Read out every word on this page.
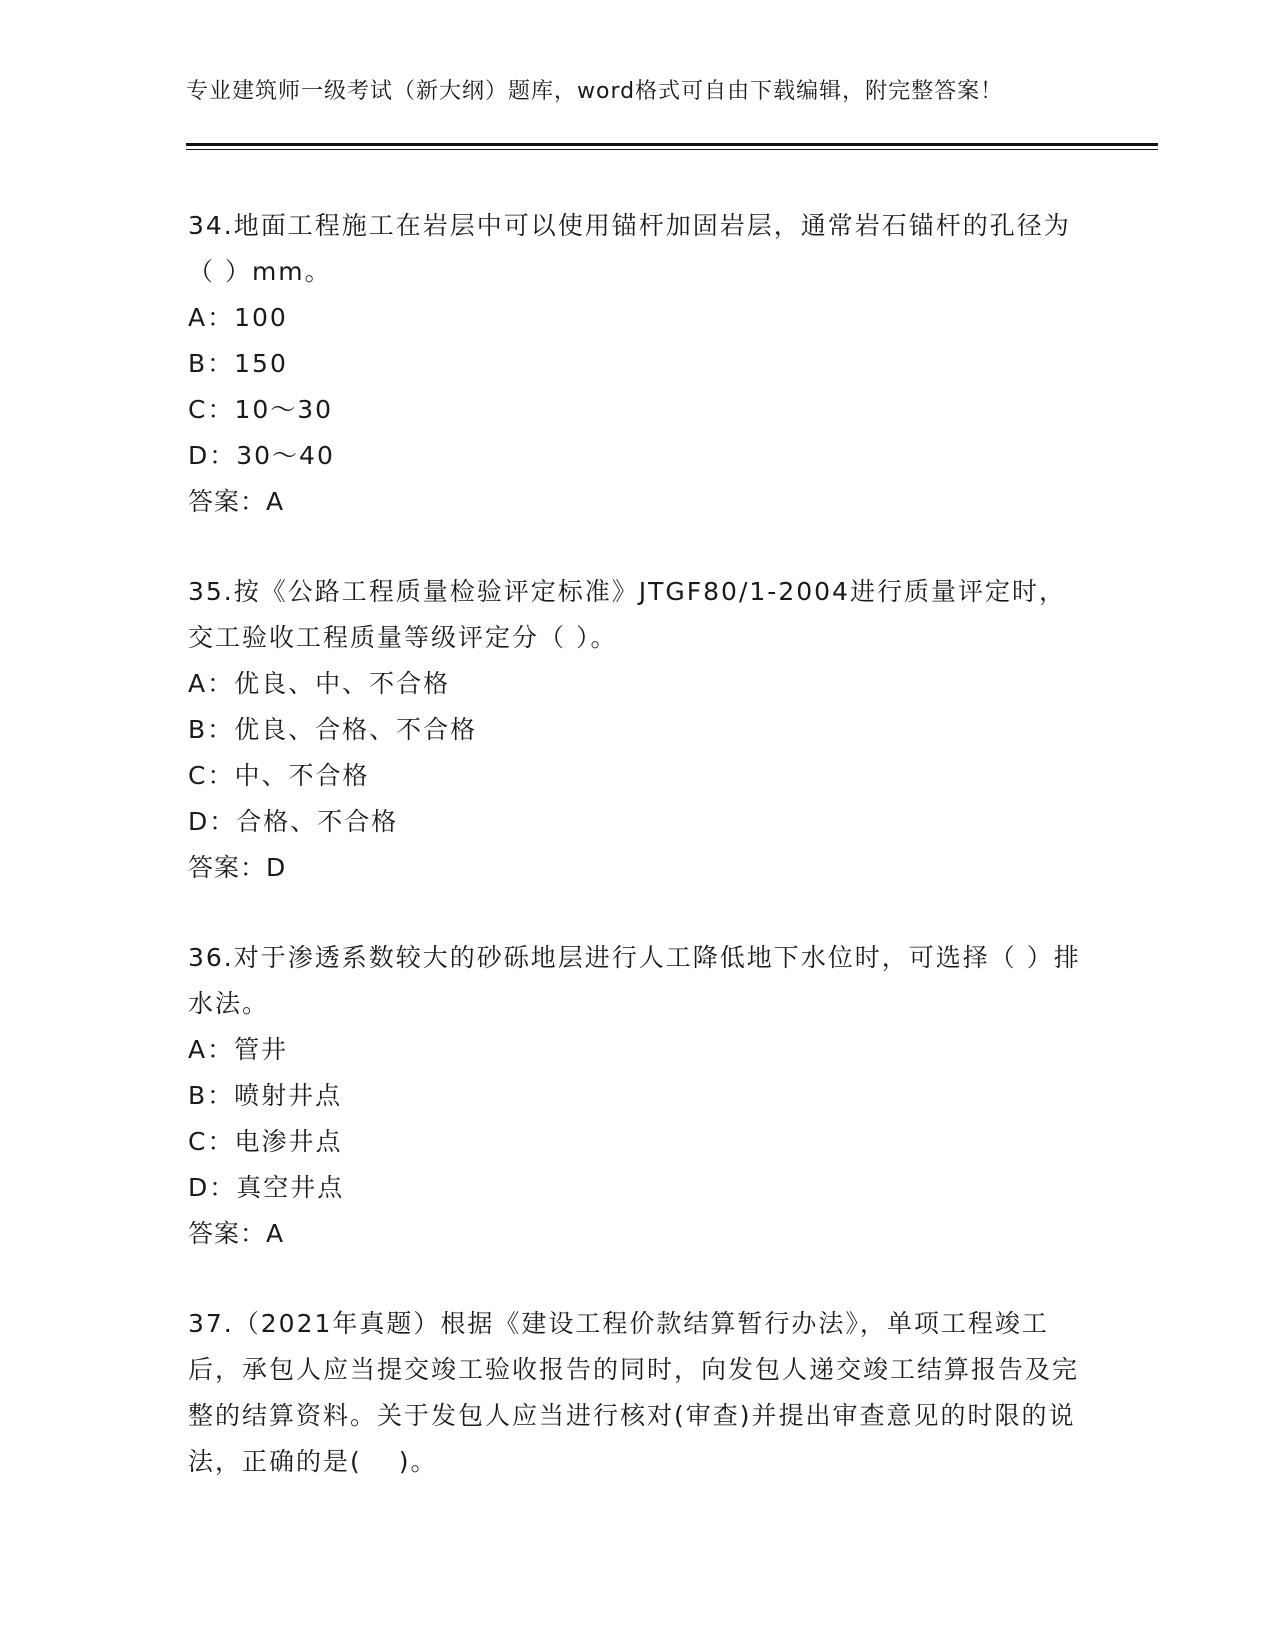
专业建筑师一级考试（新大纲）题库，word格式可自由下载编辑，附完整答案！

34.地面工程施工在岩层中可以使用锚杆加固岩层，通常岩石锚杆的孔径为（ ）mm。

A：100
B：150
C：10～30
D：30～40
答案：A

35.按《公路工程质量检验评定标准》JTGF80/1-2004进行质量评定时，交工验收工程质量等级评定分（ ）。

A：优良、中、不合格
B：优良、合格、不合格
C：中、不合格
D：合格、不合格
答案：D

36.对于渗透系数较大的砂砾地层进行人工降低地下水位时，可选择（ ）排水法。

A：管井
B：喷射井点
C：电渗井点
D：真空井点
答案：A

37.（2021年真题）根据《建设工程价款结算暂行办法》，单项工程竣工后，承包人应当提交竣工验收报告的同时，向发包人递交竣工结算报告及完整的结算资料。关于发包人应当进行核对(审查)并提出审查意见的时限的说法，正确的是(　 )。
